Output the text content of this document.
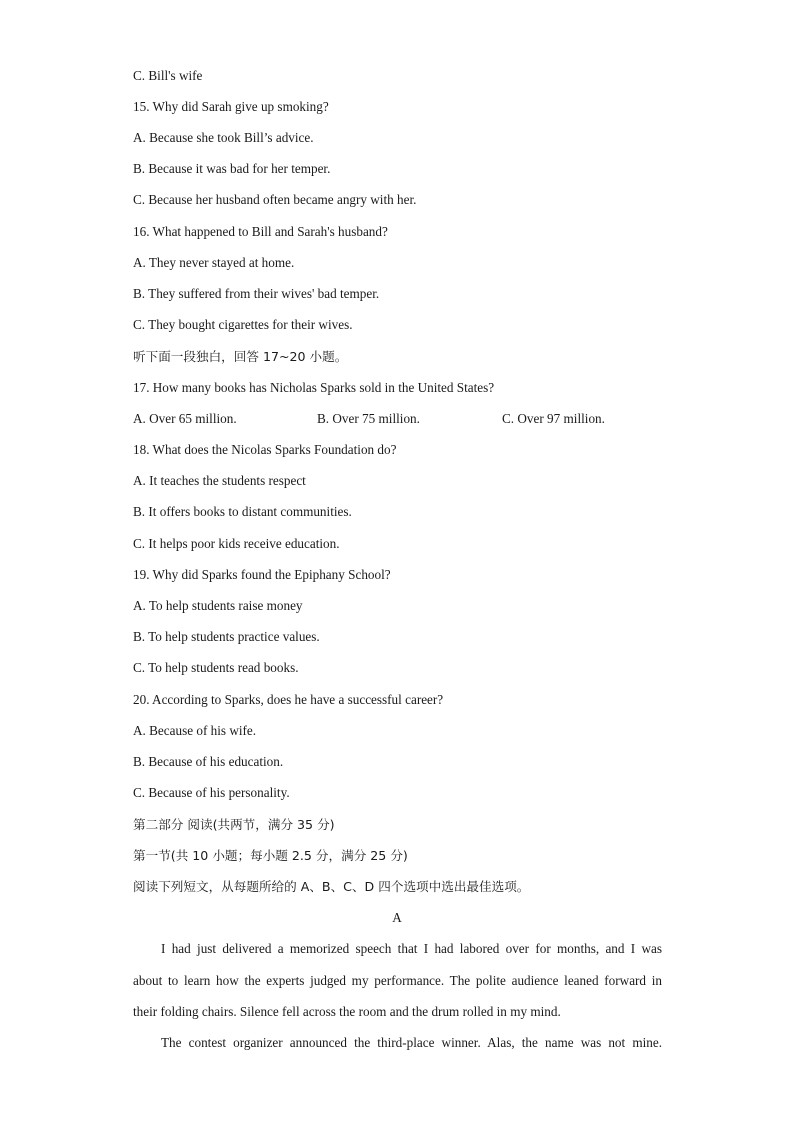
C. Bill's wife
15. Why did Sarah give up smoking?
A. Because she took Bill’s advice.
B. Because it was bad for her temper.
C. Because her husband often became angry with her.
16. What happened to Bill and Sarah's husband?
A. They never stayed at home.
B. They suffered from their wives' bad temper.
C. They bought cigarettes for their wives.
听下面一段独白，回答 17~20 小题。
17. How many books has Nicholas Sparks sold in the United States?
A. Over 65 million.	B. Over 75 million.	C. Over 97 million.
18. What does the Nicolas Sparks Foundation do?
A. It teaches the students respect
B. It offers books to distant communities.
C. It helps poor kids receive education.
19. Why did Sparks found the Epiphany School?
A. To help students raise money
B. To help students practice values.
C. To help students read books.
20. According to Sparks, does he have a successful career?
A. Because of his wife.
B. Because of his education.
C. Because of his personality.
第二部分 阅读(共两节，满分 35 分)
第一节(共 10 小题；每小题 2.5 分，满分 25 分)
阅读下列短文，从每题所给的 A、B、C、D 四个选项中选出最佳选项。
A
I had just delivered a memorized speech that I had labored over for months, and I was
about to learn how the experts judged my performance. The polite audience leaned forward in
their folding chairs. Silence fell across the room and the drum rolled in my mind.
The contest organizer announced the third-place winner. Alas, the name was not mine.
